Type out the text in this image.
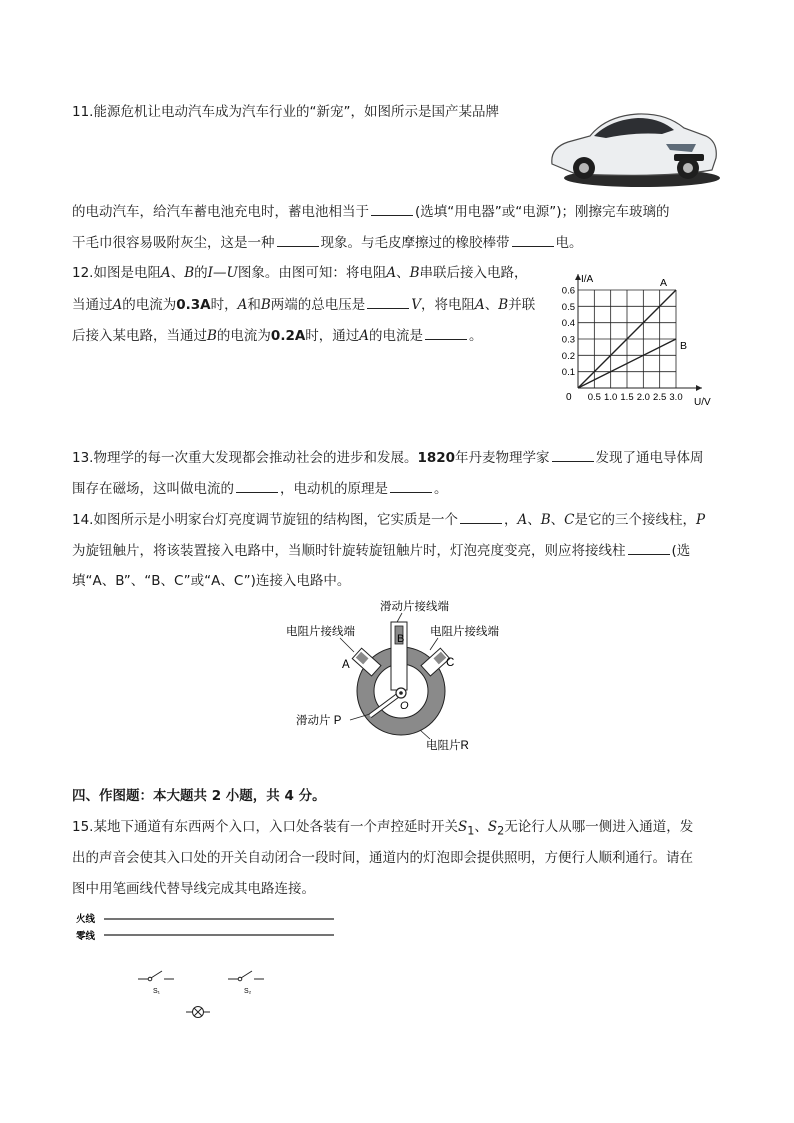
11.能源危机让电动汽车成为汽车行业的“新宠”，如图所示是国产某品牌
的电动汽车，给汽车蓄电池充电时，蓄电池相当于	(选填“用电器”或“电源”)；刚擦完车玻璃的
干毛巾很容易吸附灰尘，这是一种	现象。与毛皮摩擦过的橡胶棒带	电。
12.如图是电阻A、B的I—U图象。由图可知：将电阻A、B串联后接入电路，
当通过A的电流为0.3A时，A和B两端的总电压是	V，将电阻A、B并联
后接入某电路，当通过B的电流为0.2A时，通过A的电流是	。
I/A
U/V
0 0.5 1.0 1.5 2.0 2.5 3.0
0.1
0.2
0.3
0.4
0.5
0.6
A
B
13.物理学的每一次重大发现都会推动社会的进步和发展。1820年丹麦物理学家	发现了通电导体周
围存在磁场，这叫做电流的	，电动机的原理是	。
14.如图所示是小明家台灯亮度调节旋钮的结构图，它实质是一个	，A、B、C是它的三个接线柱，P
为旋钮触片，将该装置接入电路中，当顺时针旋转旋钮触片时，灯泡亮度变亮，则应将接线柱	(选
填“A、B”、“B、C”或“A、C”)连接入电路中。
滑动片接线端
电阻片接线端	电阻片接线端
B
A	C
O
滑动片 P
电阻片R
四、作图题：本大题共 2 小题，共 4 分。
15.某地下通道有东西两个入口，入口处各装有一个声控延时开关$S_1$、$S_2$无论行人从哪一侧进入通道，发
出的声音会使其入口处的开关自动闭合一段时间，通道内的灯泡即会提供照明，方便行人顺利通行。请在
图中用笔画线代替导线完成其电路连接。
火线
零线
S₁	S₂
